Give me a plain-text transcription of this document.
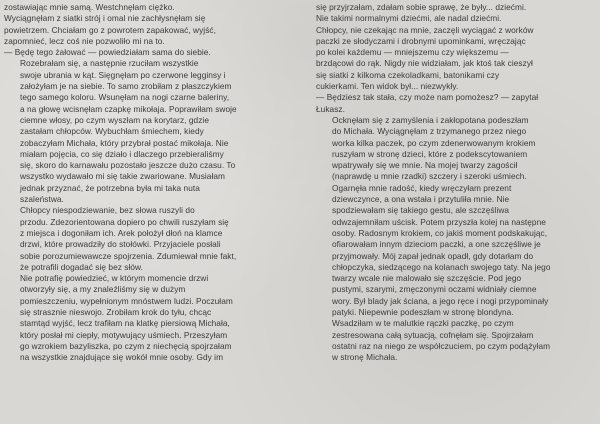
zostawiając mnie samą. Westchnęłam ciężko.
Wyciągnęłam z siatki strój i omal nie zachłysnęłam się
powietrzem. Chciałam go z powrotem zapakować, wyjść,
zapomnieć, lecz coś nie pozwoliło mi na to.
— Będę tego żałować — powiedziałam sama do siebie.

Rozebrałam się, a następnie rzuciłam wszystkie
swoje ubrania w kąt. Sięgnęłam po czerwone legginsy i
założyłam je na siebie. To samo zrobiłam z płaszczykiem
tego samego koloru. Wsunęłam na nogi czarne baleriny,
a na głowę wcisnęłam czapkę mikołaja. Poprawiłam swoje
ciemne włosy, po czym wyszłam na korytarz, gdzie
zastałam chłopców. Wybuchłam śmiechem, kiedy
zobaczyłam Michała, który przybrał postać mikołaja. Nie
miałam pojęcia, co się działo i dlaczego przebieraliśmy
się, skoro do karnawału pozostało jeszcze dużo czasu. To
wszystko wydawało mi się takie zwariowane. Musiałam
jednak przyznać, że potrzebna była mi taka nuta
szaleństwa.

Chłopcy niespodziewanie, bez słowa ruszyli do
przodu. Zdezorientowana dopiero po chwili ruszyłam się
z miejsca i dogoniłam ich. Arek położył dłoń na klamce
drzwi, które prowadziły do stołówki. Przyjaciele posłali
sobie porozumiewawcze spojrzenia. Zdumiewał mnie fakt,
że potrafili dogadać się bez słów.

Nie potrafię powiedzieć, w którym momencie drzwi
otworzyły się, a my znaleźliśmy się w dużym
pomieszczeniu, wypełnionym mnóstwem ludzi. Poczułam
się strasznie nieswojo. Zrobiłam krok do tyłu, chcąc
stamtąd wyjść, lecz trafiłam na klatkę piersiową Michała,
który posłał mi ciepły, motywujący uśmiech. Przeszyłam
go wzrokiem bazyliszka, po czym z niechęcią spojrzałam
na wszystkie znajdujące się wokół mnie osoby. Gdy im

się przyjrzałam, zdałam sobie sprawę, że były... dziećmi.
Nie takimi normalnymi dziećmi, ale nadal dziećmi.
Chłopcy, nie czekając na mnie, zaczęli wyciągać z worków
paczki ze słodyczami i drobnymi upominkami, wręczając
po kolei każdemu — mniejszemu czy większemu —
brzdącowi do rąk. Nigdy nie widziałam, jak ktoś tak cieszył
się siatki z kilkoma czekoladkami, batonikami czy
cukierkami. Ten widok był... niezwykły.
— Będziesz tak stała, czy może nam pomożesz? — zapytał
Łukasz.

Ocknęłam się z zamyślenia i zakłopotana podeszłam
do Michała. Wyciągnęłam z trzymanego przez niego
worka kilka paczek, po czym zdenerwowanym krokiem
ruszyłam w stronę dzieci, które z podekscytowaniem
wpatrywały się we mnie. Na mojej twarzy zagościł
(naprawdę u mnie rzadki) szczery i szeroki uśmiech.
Ogarnęła mnie radość, kiedy wręczyłam prezent
dziewczynce, a ona wstała i przytuliła mnie. Nie
spodziewałam się takiego gestu, ale szczęśliwa
odwzajemniłam uścisk. Potem przyszła kolej na następne
osoby. Radosnym krokiem, co jakiś moment podskakując,
ofiarowałam innym dzieciom paczki, a one szczęśliwe je
przyjmowały. Mój zapał jednak opadł, gdy dotarłam do
chłopczyka, siedzącego na kolanach swojego taty. Na jego
twarzy wcale nie malowało się szczęście. Pod jego
pustymi, szarymi, zmęczonymi oczami widniały ciemne
wory. Był blady jak ściana, a jego ręce i nogi przypominały
patyki. Niepewnie podeszłam w stronę blondyna.
Wsadziłam w te malutkie rączki paczkę, po czym
zestresowana całą sytuacją, cofnęłam się. Spojrzałam
ostatni raz na niego ze współczuciem, po czym podążyłam
w stronę Michała.
